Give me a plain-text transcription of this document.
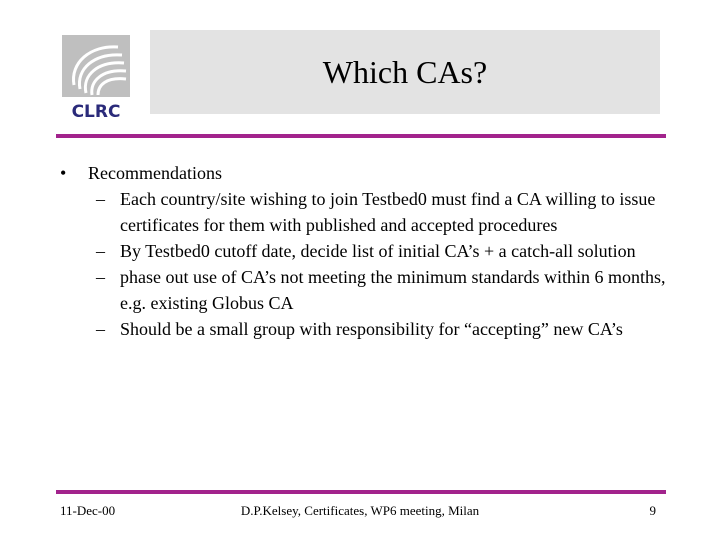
CLRC
Which CAs?
• Recommendations
– Each country/site wishing to join Testbed0 must find a CA willing to issue certificates for them with published and accepted procedures
– By Testbed0 cutoff date, decide list of initial CA’s + a catch-all solution
– phase out use of CA’s not meeting the minimum standards within 6 months, e.g. existing Globus CA
– Should be a small group with responsibility for “accepting” new CA’s
11-Dec-00	D.P.Kelsey, Certificates, WP6 meeting, Milan	9
